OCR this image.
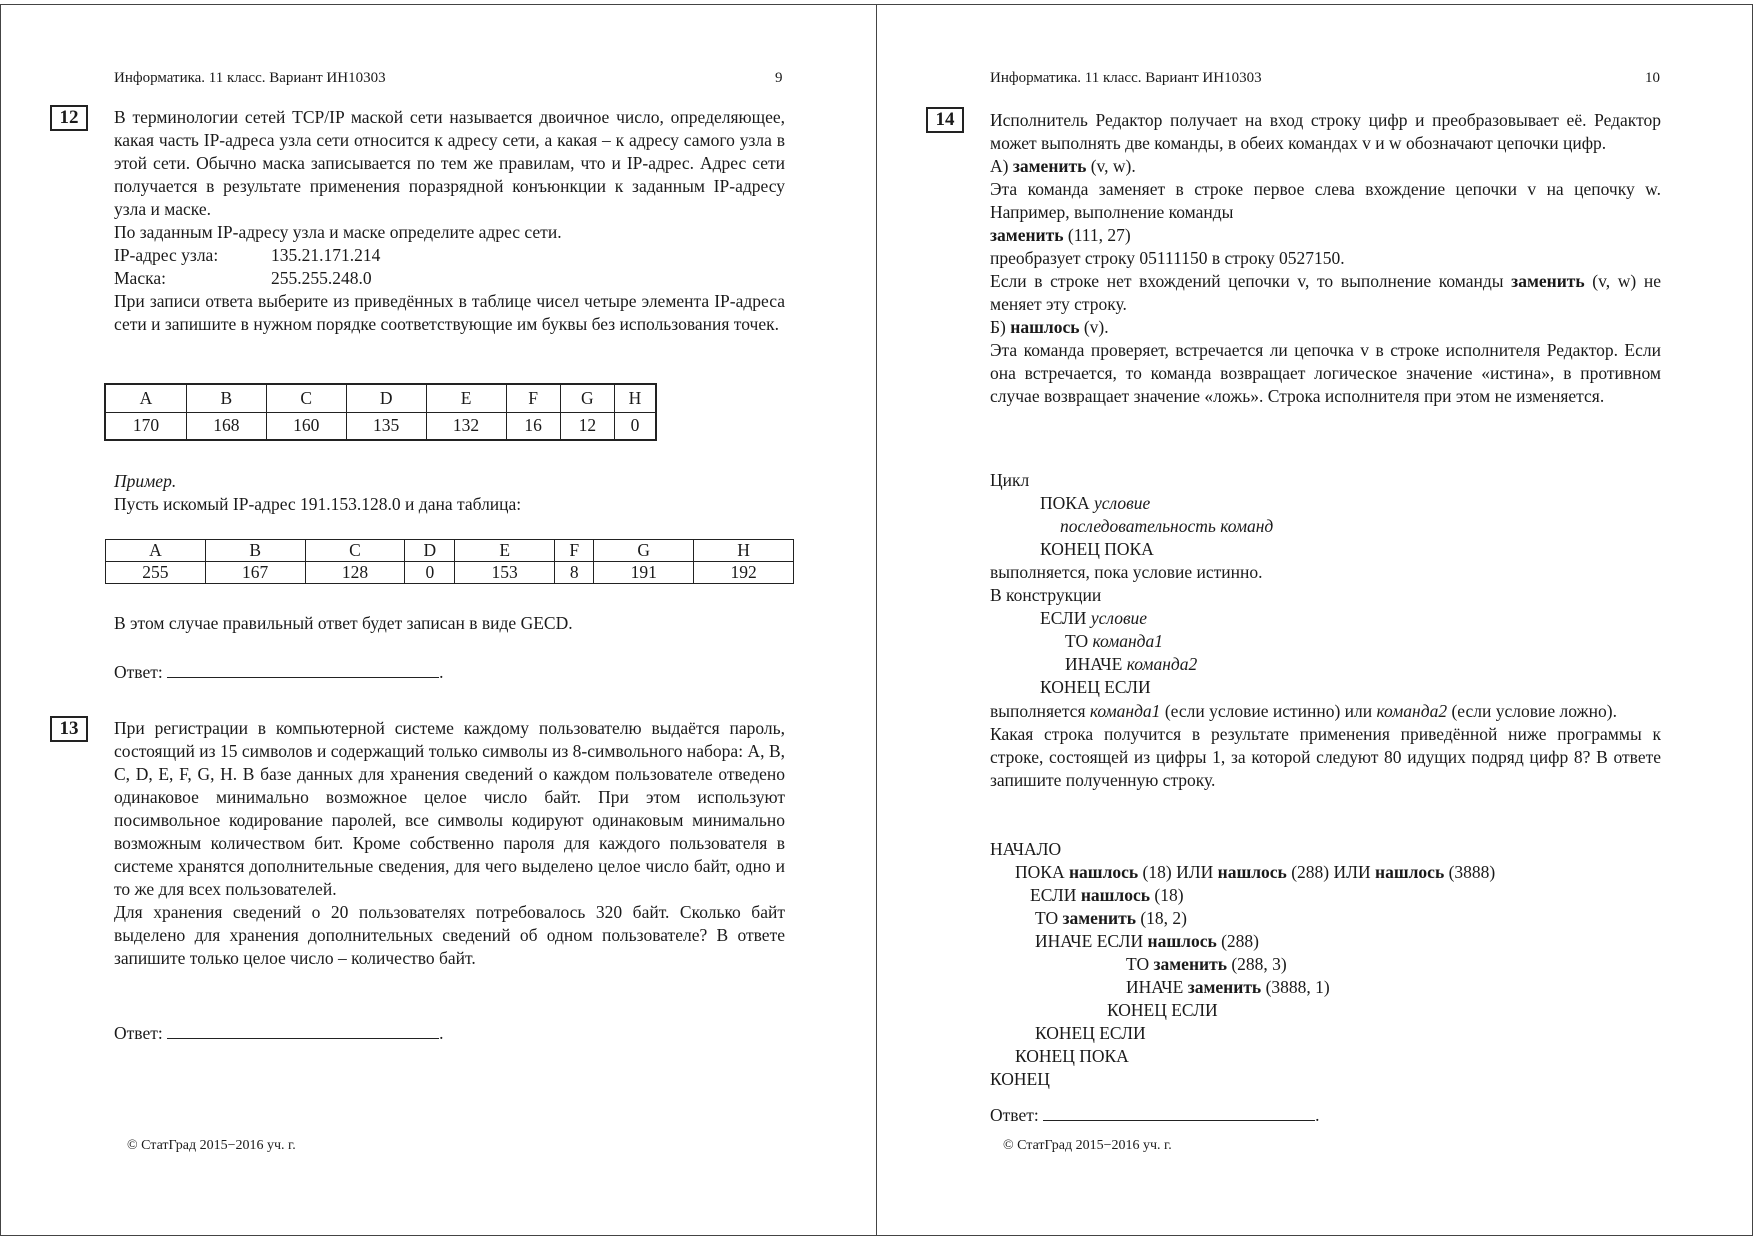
Информатика. 11 класс. Вариант ИН10303	9
12	В терминологии сетей TCP/IP маской сети называется двоичное число, определяющее, какая часть IP-адреса узла сети относится к адресу сети, а какая – к адресу самого узла в этой сети. Обычно маска записывается по тем же правилам, что и IP-адрес. Адрес сети получается в результате применения поразрядной конъюнкции к заданным IP-адресу узла и маске.

По заданным IP-адресу узла и маске определите адрес сети.

IP-адрес узла:	135.21.171.214

Маска:	255.255.248.0

При записи ответа выберите из приведённых в таблице чисел четыре элемента IP-адреса сети и запишите в нужном порядке соответствующие им буквы без использования точек.

A	B	C	D	E	F	G	H
170	168	160	135	132	16	12	0

Пример.

Пусть искомый IP-адрес 191.153.128.0 и дана таблица:

A	B	C	D	E	F	G	H
255	167	128	0	153	8	191	192
В этом случае правильный ответ будет записан в виде GECD.
Ответ:	.
13	При регистрации в компьютерной системе каждому пользователю выдаётся пароль, состоящий из 15 символов и содержащий только символы из 8-символьного набора: A, B, C, D, E, F, G, H. В базе данных для хранения сведений о каждом пользователе отведено одинаковое минимально возможное целое число байт. При этом используют посимвольное кодирование паролей, все символы кодируют одинаковым минимально возможным количеством бит. Кроме собственно пароля для каждого пользователя в системе хранятся дополнительные сведения, для чего выделено целое число байт, одно и то же для всех пользователей.

Для хранения сведений о 20 пользователях потребовалось 320 байт. Сколько байт выделено для хранения дополнительных сведений об одном пользователе? В ответе запишите только целое число – количество байт.

Ответ:	.
© СтатГрад 2015−2016 уч. г.
Информатика. 11 класс. Вариант ИН10303	10
14	Исполнитель Редактор получает на вход строку цифр и преобразовывает её. Редактор может выполнять две команды, в обеих командах v и w обозначают цепочки цифр.

А) заменить (v, w).

Эта команда заменяет в строке первое слева вхождение цепочки v на цепочку w. Например, выполнение команды

заменить (111, 27)

преобразует строку 05111150 в строку 0527150.

Если в строке нет вхождений цепочки v, то выполнение команды заменить (v, w) не меняет эту строку.

Б) нашлось (v).

Эта команда проверяет, встречается ли цепочка v в строке исполнителя Редактор. Если она встречается, то команда возвращает логическое значение «истина», в противном случае возвращает значение «ложь». Строка исполнителя при этом не изменяется.

Цикл
ПОКА условие
последовательность команд
КОНЕЦ ПОКА
выполняется, пока условие истинно.
В конструкции
ЕСЛИ условие
ТО команда1
ИНАЧЕ команда2
КОНЕЦ ЕСЛИ

выполняется команда1 (если условие истинно) или команда2 (если условие ложно).

Какая строка получится в результате применения приведённой ниже программы к строке, состоящей из цифры 1, за которой следуют 80 идущих подряд цифр 8? В ответе запишите полученную строку.

НАЧАЛО
ПОКА нашлось (18) ИЛИ нашлось (288) ИЛИ нашлось (3888)
ЕСЛИ нашлось (18)
ТО заменить (18, 2)
ИНАЧЕ ЕСЛИ нашлось (288)
ТО заменить (288, 3)
ИНАЧЕ заменить (3888, 1)
КОНЕЦ ЕСЛИ
КОНЕЦ ЕСЛИ
КОНЕЦ ПОКА
КОНЕЦ
Ответ:	.
© СтатГрад 2015−2016 уч. г.
